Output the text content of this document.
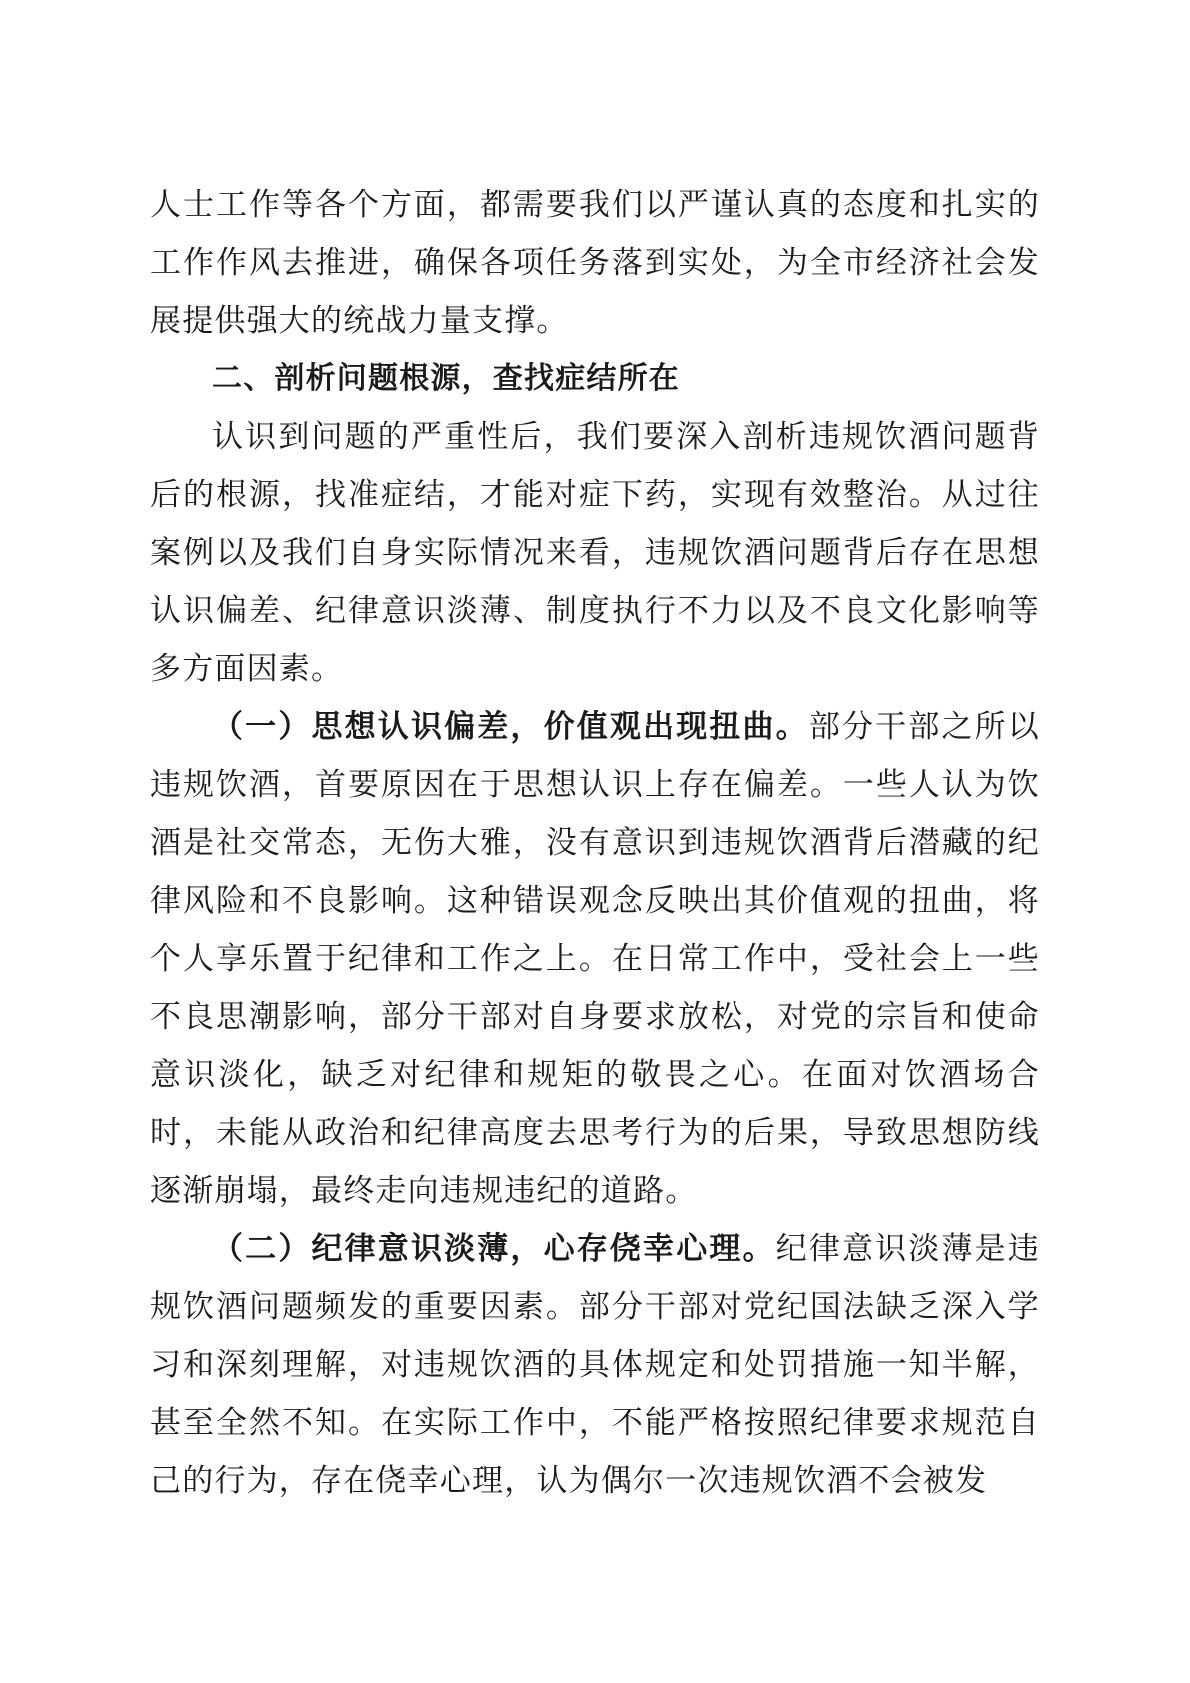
人士工作等各个方面，都需要我们以严谨认真的态度和扎实的工作作风去推进，确保各项任务落到实处，为全市经济社会发展提供强大的统战力量支撑。

二、剖析问题根源，查找症结所在

认识到问题的严重性后，我们要深入剖析违规饮酒问题背后的根源，找准症结，才能对症下药，实现有效整治。从过往案例以及我们自身实际情况来看，违规饮酒问题背后存在思想认识偏差、纪律意识淡薄、制度执行不力以及不良文化影响等多方面因素。

（一）思想认识偏差，价值观出现扭曲。部分干部之所以违规饮酒，首要原因在于思想认识上存在偏差。一些人认为饮酒是社交常态，无伤大雅，没有意识到违规饮酒背后潜藏的纪律风险和不良影响。这种错误观念反映出其价值观的扭曲，将个人享乐置于纪律和工作之上。在日常工作中，受社会上一些不良思潮影响，部分干部对自身要求放松，对党的宗旨和使命意识淡化，缺乏对纪律和规矩的敬畏之心。在面对饮酒场合时，未能从政治和纪律高度去思考行为的后果，导致思想防线逐渐崩塌，最终走向违规违纪的道路。

（二）纪律意识淡薄，心存侥幸心理。纪律意识淡薄是违规饮酒问题频发的重要因素。部分干部对党纪国法缺乏深入学习和深刻理解，对违规饮酒的具体规定和处罚措施一知半解，甚至全然不知。在实际工作中，不能严格按照纪律要求规范自己的行为，存在侥幸心理，认为偶尔一次违规饮酒不会被发
